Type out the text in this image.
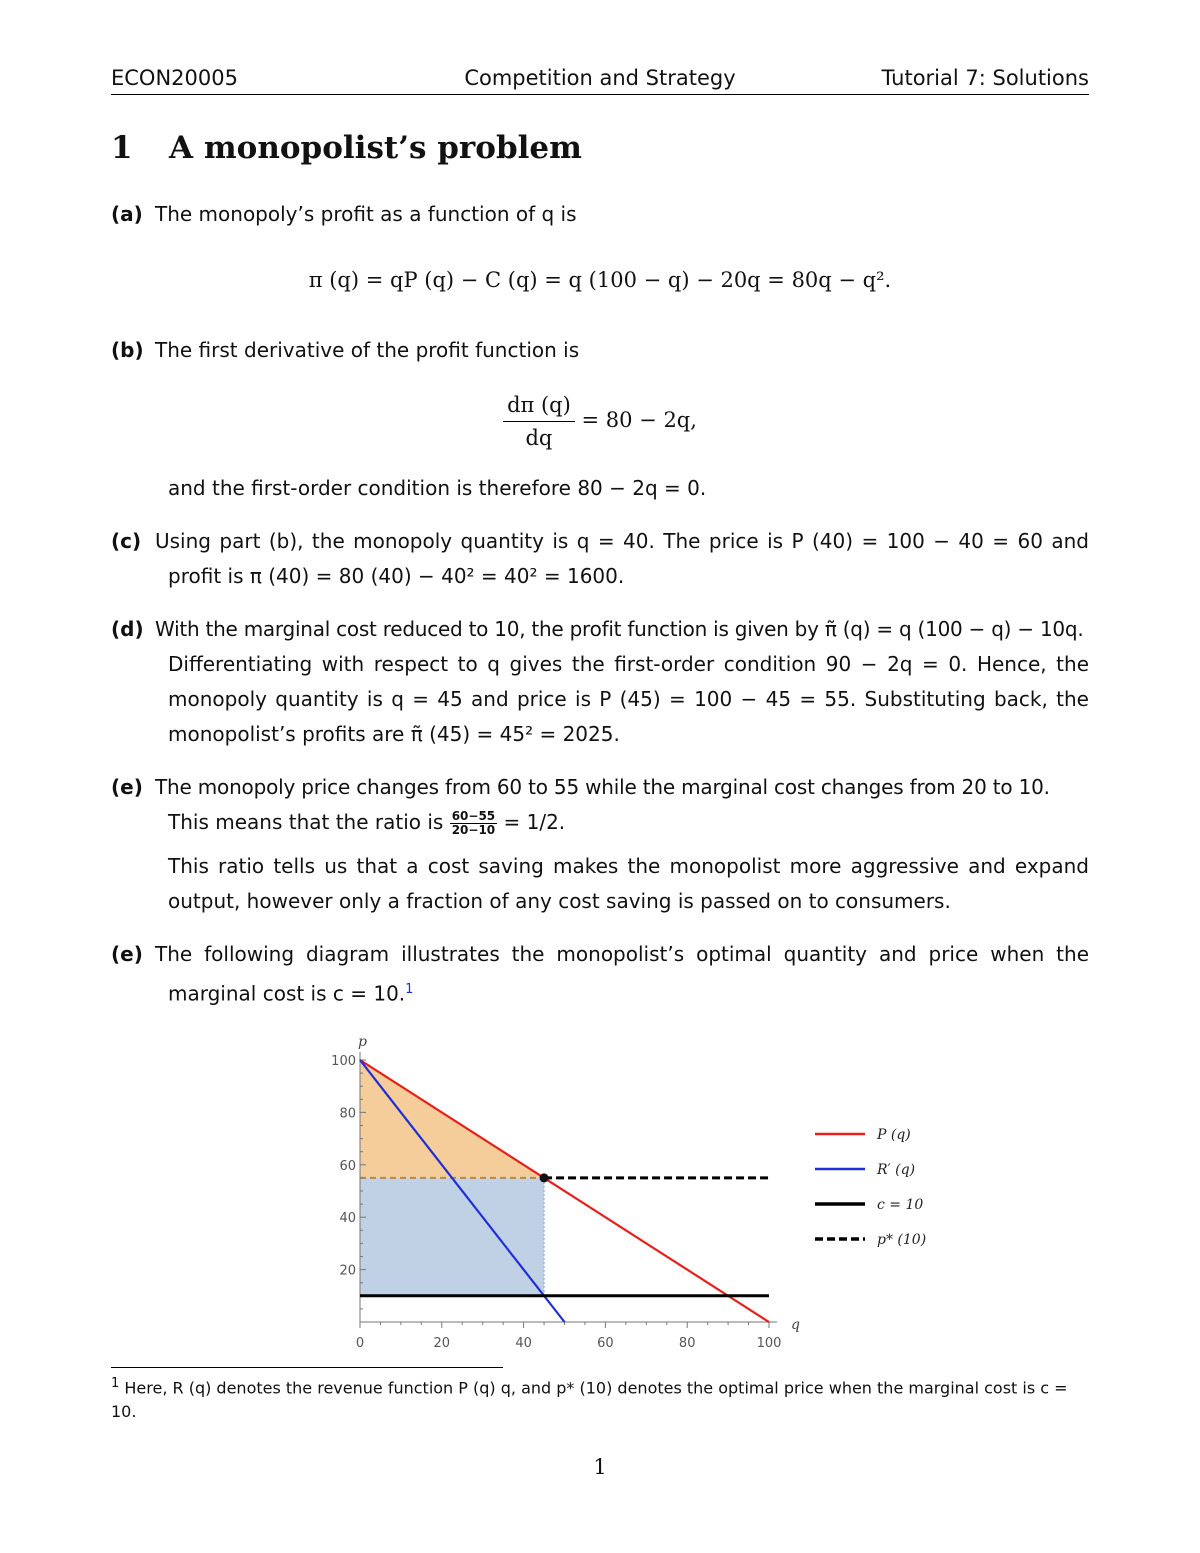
ECON20005	Competition and Strategy	Tutorial 7: Solutions
1 A monopolist’s problem
(a) The monopoly’s profit as a function of q is
π (q) = qP (q) − C (q) = q (100 − q) − 20q = 80q − q².
(b) The first derivative of the profit function is
$\frac{d\pi (q)}{dq} = 80 - 2q$,
and the first-order condition is therefore 80 − 2q = 0.
(c) Using part (b), the monopoly quantity is q = 40. The price is P (40) = 100 − 40 = 60 and
profit is π (40) = 80 (40) − 40² = 40² = 1600.
(d) With the marginal cost reduced to 10, the profit function is given by π̃ (q) = q (100 − q) − 10q.
Differentiating with respect to q gives the first-order condition 90 − 2q = 0. Hence, the
monopoly quantity is q = 45 and price is P (45) = 100 − 45 = 55. Substituting back, the
monopolist’s profits are π̃ (45) = 45² = 2025.
(e) The monopoly price changes from 60 to 55 while the marginal cost changes from 20 to 10.
This means that the ratio is $\frac{60-55}{20-10} = 1/2$.
This ratio tells us that a cost saving makes the monopolist more aggressive and expand
output, however only a fraction of any cost saving is passed on to consumers.
(e) The following diagram illustrates the monopolist’s optimal quantity and price when the
marginal cost is c = 10.$^1$
0	20	40	60	80	100
20
40
60
80
100
q
p
P (q)
R′ (q)
c = 10
p* (10)
$^1$ Here, R (q) denotes the revenue function P (q) q, and p* (10) denotes the optimal price when the marginal cost is c = 10.
1
